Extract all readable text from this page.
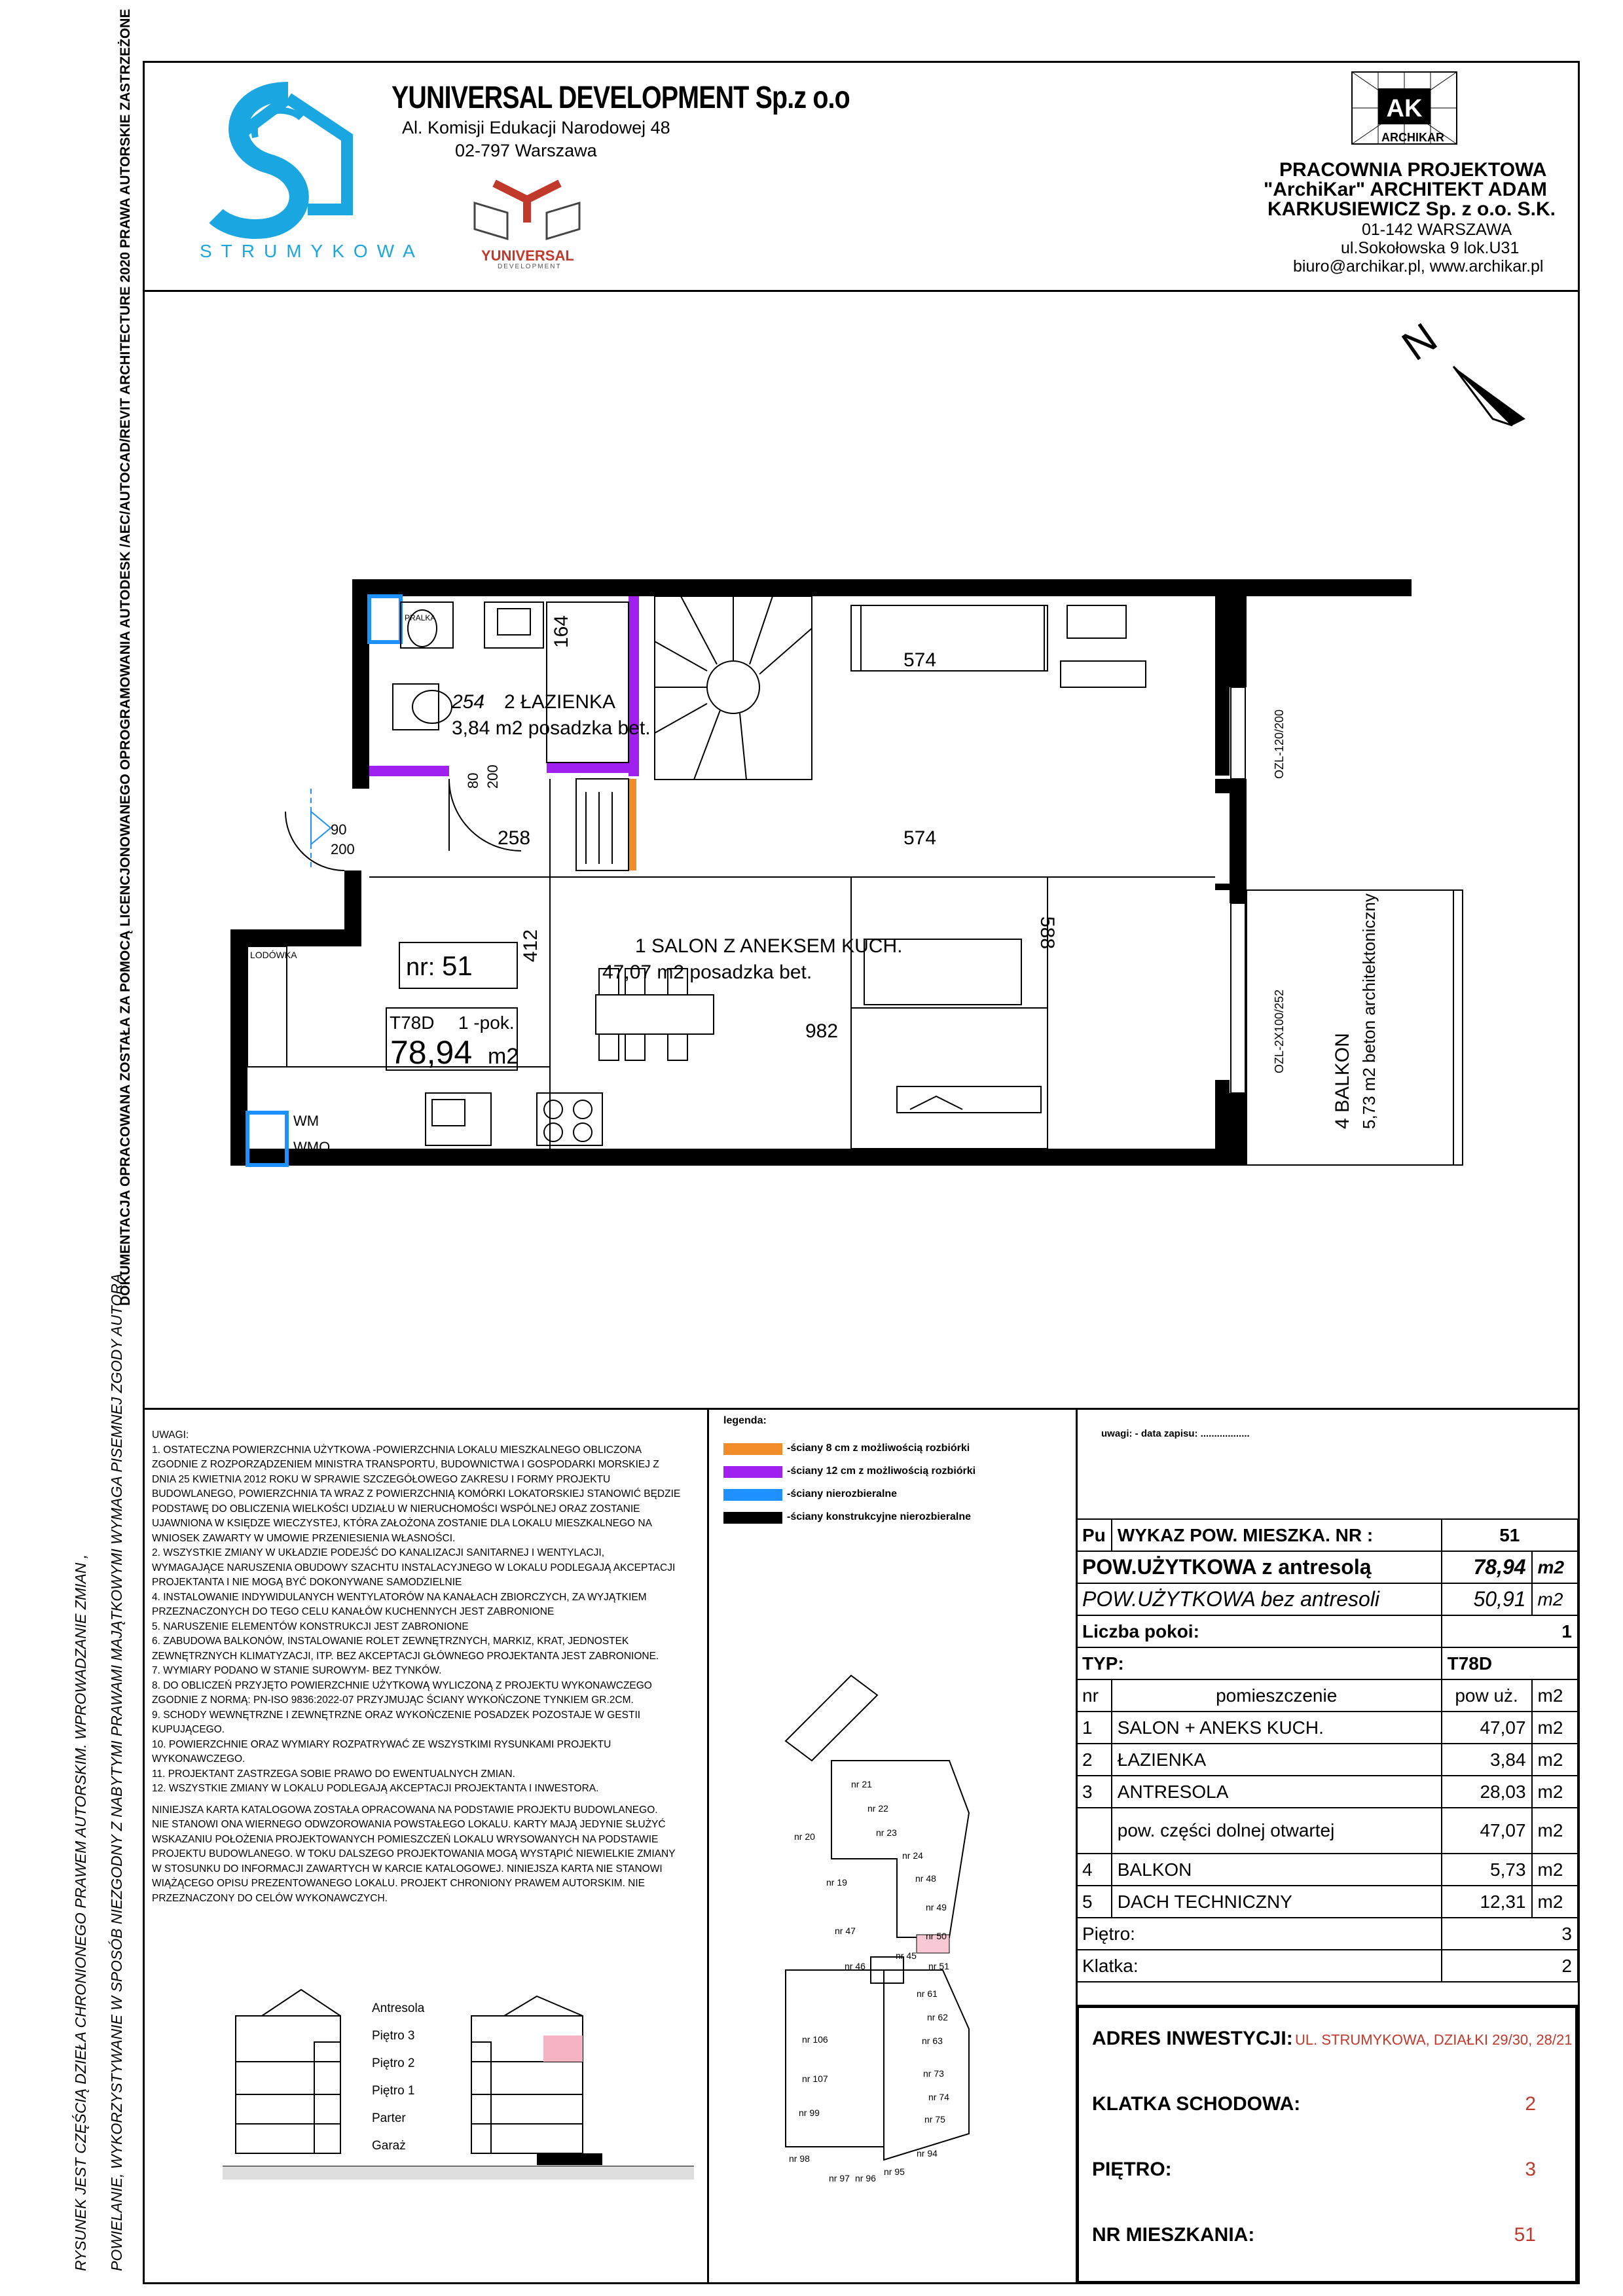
DOKUMENTACJA OPRACOWANA ZOSTAŁA ZA POMOCĄ LICENCJONOWANEGO OPROGRAMOWANIA AUTODESK /AEC/AUTOCAD/REVIT ARCHITECTURE 2020 PRAWA AUTORSKIE ZASTRZEŻONE
RYSUNEK JEST CZĘŚCIĄ DZIEŁA CHRONIONEGO PRAWEM AUTORSKIM. WPROWADZANIE ZMIAN , POWIELANIE, WYKORZYSTYWANIE W SPOSÓB NIEZGODNY Z NABYTYMI PRAWAMI MAJĄTKOWYMI WYMAGA PISEMNEJ ZGODY AUTORA.
STRUMYKOWA
YUNIVERSAL DEVELOPMENT Sp.z o.o
Al. Komisji Edukacji Narodowej 48
02-797 Warszawa
YUNIVERSAL
DEVELOPMENT
AK
ARCHIKAR
PRACOWNIA PROJEKTOWA
"ArchiKar" ARCHITEKT ADAM
KARKUSIEWICZ Sp. z o.o. S.K.
01-142 WARSZAWA
ul.Sokołowska 9 lok.U31
biuro@archikar.pl, www.archikar.pl
N
254 2 ŁAZIENKA
3,84 m2 posadzka bet.
164
574
574
258
412	588
982
1 SALON Z ANEKSEM KUCH.
47,07 m2 posadzka bet.
4 BALKON 5,73 m2 beton architektoniczny
80 200
90
200
OZL-120/200
OZL-2X100/252
LODÓWKA
PRALKA
WM
WMO
nr: 51
T78D 1 -pok.
78,94 m2

UWAGI:

1. OSTATECZNA POWIERZCHNIA UŻYTKOWA -POWIERZCHNIA LOKALU MIESZKALNEGO OBLICZONA

ZGODNIE Z ROZPORZĄDZENIEM MINISTRA TRANSPORTU, BUDOWNICTWA I GOSPODARKI MORSKIEJ Z

DNIA 25 KWIETNIA 2012 ROKU W SPRAWIE SZCZEGÓŁOWEGO ZAKRESU I FORMY PROJEKTU

BUDOWLANEGO, POWIERZCHNIA TA WRAZ Z POWIERZCHNIĄ KOMÓRKI LOKATORSKIEJ STANOWIĆ BĘDZIE

PODSTAWĘ DO OBLICZENIA WIELKOŚCI UDZIAŁU W NIERUCHOMOŚCI WSPÓLNEJ ORAZ ZOSTANIE

UJAWNIONA W KSIĘDZE WIECZYSTEJ, KTÓRA ZAŁOŻONA ZOSTANIE DLA LOKALU MIESZKALNEGO NA

WNIOSEK ZAWARTY W UMOWIE PRZENIESIENIA WŁASNOŚCI.

2. WSZYSTKIE ZMIANY W UKŁADZIE PODEJŚĆ DO KANALIZACJI SANITARNEJ I WENTYLACJI,

WYMAGAJĄCE NARUSZENIA OBUDOWY SZACHTU INSTALACYJNEGO W LOKALU PODLEGAJĄ AKCEPTACJI

PROJEKTANTA I NIE MOGĄ BYĆ DOKONYWANE SAMODZIELNIE

4. INSTALOWANIE INDYWIDULANYCH WENTYLATORÓW NA KANAŁACH ZBIORCZYCH, ZA WYJĄTKIEM

PRZEZNACZONYCH DO TEGO CELU KANAŁÓW KUCHENNYCH JEST ZABRONIONE

5. NARUSZENIE ELEMENTÓW KONSTRUKCJI JEST ZABRONIONE

6. ZABUDOWA BALKONÓW, INSTALOWANIE ROLET ZEWNĘTRZNYCH, MARKIZ, KRAT, JEDNOSTEK

ZEWNĘTRZNYCH KLIMATYZACJI, ITP. BEZ AKCEPTACJI GŁÓWNEGO PROJEKTANTA JEST ZABRONIONE.

7. WYMIARY PODANO W STANIE SUROWYM- BEZ TYNKÓW.

8. DO OBLICZEŃ PRZYJĘTO POWIERZCHNIE UŻYTKOWĄ WYLICZONĄ Z PROJEKTU WYKONAWCZEGO

ZGODNIE Z NORMĄ: PN-ISO 9836:2022-07 PRZYJMUJĄC ŚCIANY WYKOŃCZONE TYNKIEM GR.2CM.

9. SCHODY WEWNĘTRZNE I ZEWNĘTRZNE ORAZ WYKOŃCZENIE POSADZEK POZOSTAJE W GESTII

KUPUJĄCEGO.

10. POWIERZCHNIE ORAZ WYMIARY ROZPATRYWAĆ ZE WSZYSTKIMI RYSUNKAMI PROJEKTU

WYKONAWCZEGO.

11. PROJEKTANT ZASTRZEGA SOBIE PRAWO DO EWENTUALNYCH ZMIAN.

12. WSZYSTKIE ZMIANY W LOKALU PODLEGAJĄ AKCEPTACJI PROJEKTANTA I INWESTORA.

NINIEJSZA KARTA KATALOGOWA ZOSTAŁA OPRACOWANA NA PODSTAWIE PROJEKTU BUDOWLANEGO.

NIE STANOWI ONA WIERNEGO ODWZOROWANIA POWSTAŁEGO LOKALU. KARTY MAJĄ JEDYNIE SŁUŻYĆ

WSKAZANIU POŁOŻENIA PROJEKTOWANYCH POMIESZCZEŃ LOKALU WRYSOWANYCH NA PODSTAWIE

PROJEKTU BUDOWLANEGO. W TOKU DALSZEGO PROJEKTOWANIA MOGĄ WYSTĄPIĆ NIEWIELKIE ZMIANY

W STOSUNKU DO INFORMACJI ZAWARTYCH W KARCIE KATALOGOWEJ. NINIEJSZA KARTA NIE STANOWI

WIĄŻĄCEGO OPISU PREZENTOWANEGO LOKALU. PROJEKT CHRONIONY PRAWEM AUTORSKIM. NIE

PRZEZNACZONY DO CELÓW WYKONAWCZYCH.

Antresola
Piętro 3
Piętro 2
Piętro 1
Parter
Garaż
legenda:
-ściany 8 cm z możliwością rozbiórki
-ściany 12 cm z możliwością rozbiórki
-ściany nierozbieralne
-ściany konstrukcyjne nierozbieralne
nr 21
nr 22
nr 20	nr 23
nr 24
nr 19	nr 48
nr 49
nr 47	nr 50
nr 46
nr 45
nr 51
nr 61
nr 62
nr 106	nr 63
nr 107	nr 73
nr 74
nr 99
nr 75
nr 94
nr 98
nr 97 nr 96
nr 95
uwagi: - data zapisu: ..................
Pu	WYKAZ POW. MIESZKA. NR :	51	
POW.UŻYTKOWA z antresolą		78,94	m2
POW.UŻYTKOWA bez antresoli		50,91	m2
Liczba pokoi:		1	
TYP:		T78D	
nr	pomieszczenie	pow uż.	m2
1	SALON + ANEKS KUCH.	47,07	m2
2	ŁAZIENKA	3,84	m2
3	ANTRESOLA	28,03	m2
	pow. części dolnej otwartej	47,07	m2
4	BALKON	5,73	m2
5	DACH TECHNICZNY	12,31	m2
Piętro:		3	
Klatka:		2	
ADRES INWESTYCJI: UL. STRUMYKOWA, DZIAŁKI 29/30, 28/21
KLATKA SCHODOWA:	2
PIĘTRO:	3
NR MIESZKANIA:	51
